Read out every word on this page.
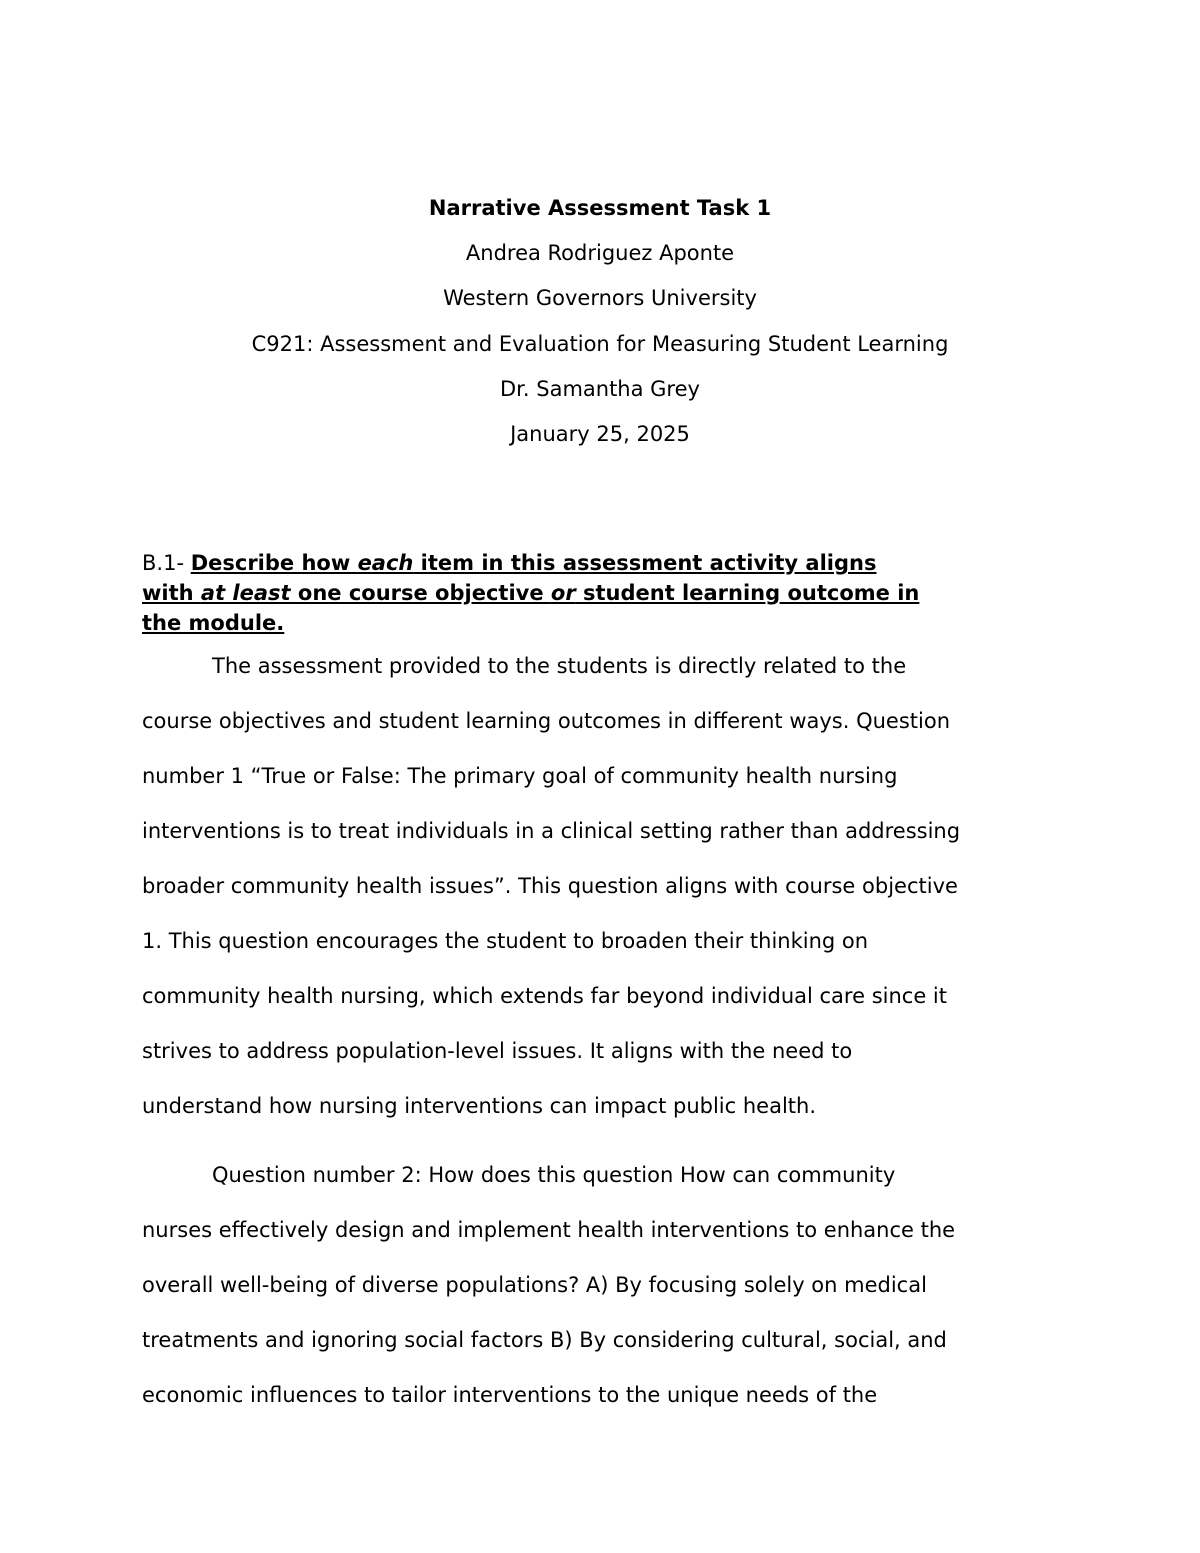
Narrative Assessment Task 1
Andrea Rodriguez Aponte
Western Governors University
C921: Assessment and Evaluation for Measuring Student Learning
Dr. Samantha Grey
January 25, 2025
B.1- Describe how each item in this assessment activity aligns
with at least one course objective or student learning outcome in
the module.
The assessment provided to the students is directly related to the
course objectives and student learning outcomes in different ways. Question
number 1 “True or False: The primary goal of community health nursing
interventions is to treat individuals in a clinical setting rather than addressing
broader community health issues”. This question aligns with course objective
1. This question encourages the student to broaden their thinking on
community health nursing, which extends far beyond individual care since it
strives to address population-level issues. It aligns with the need to
understand how nursing interventions can impact public health.
Question number 2: How does this question How can community
nurses effectively design and implement health interventions to enhance the
overall well-being of diverse populations? A) By focusing solely on medical
treatments and ignoring social factors B) By considering cultural, social, and
economic influences to tailor interventions to the unique needs of the
